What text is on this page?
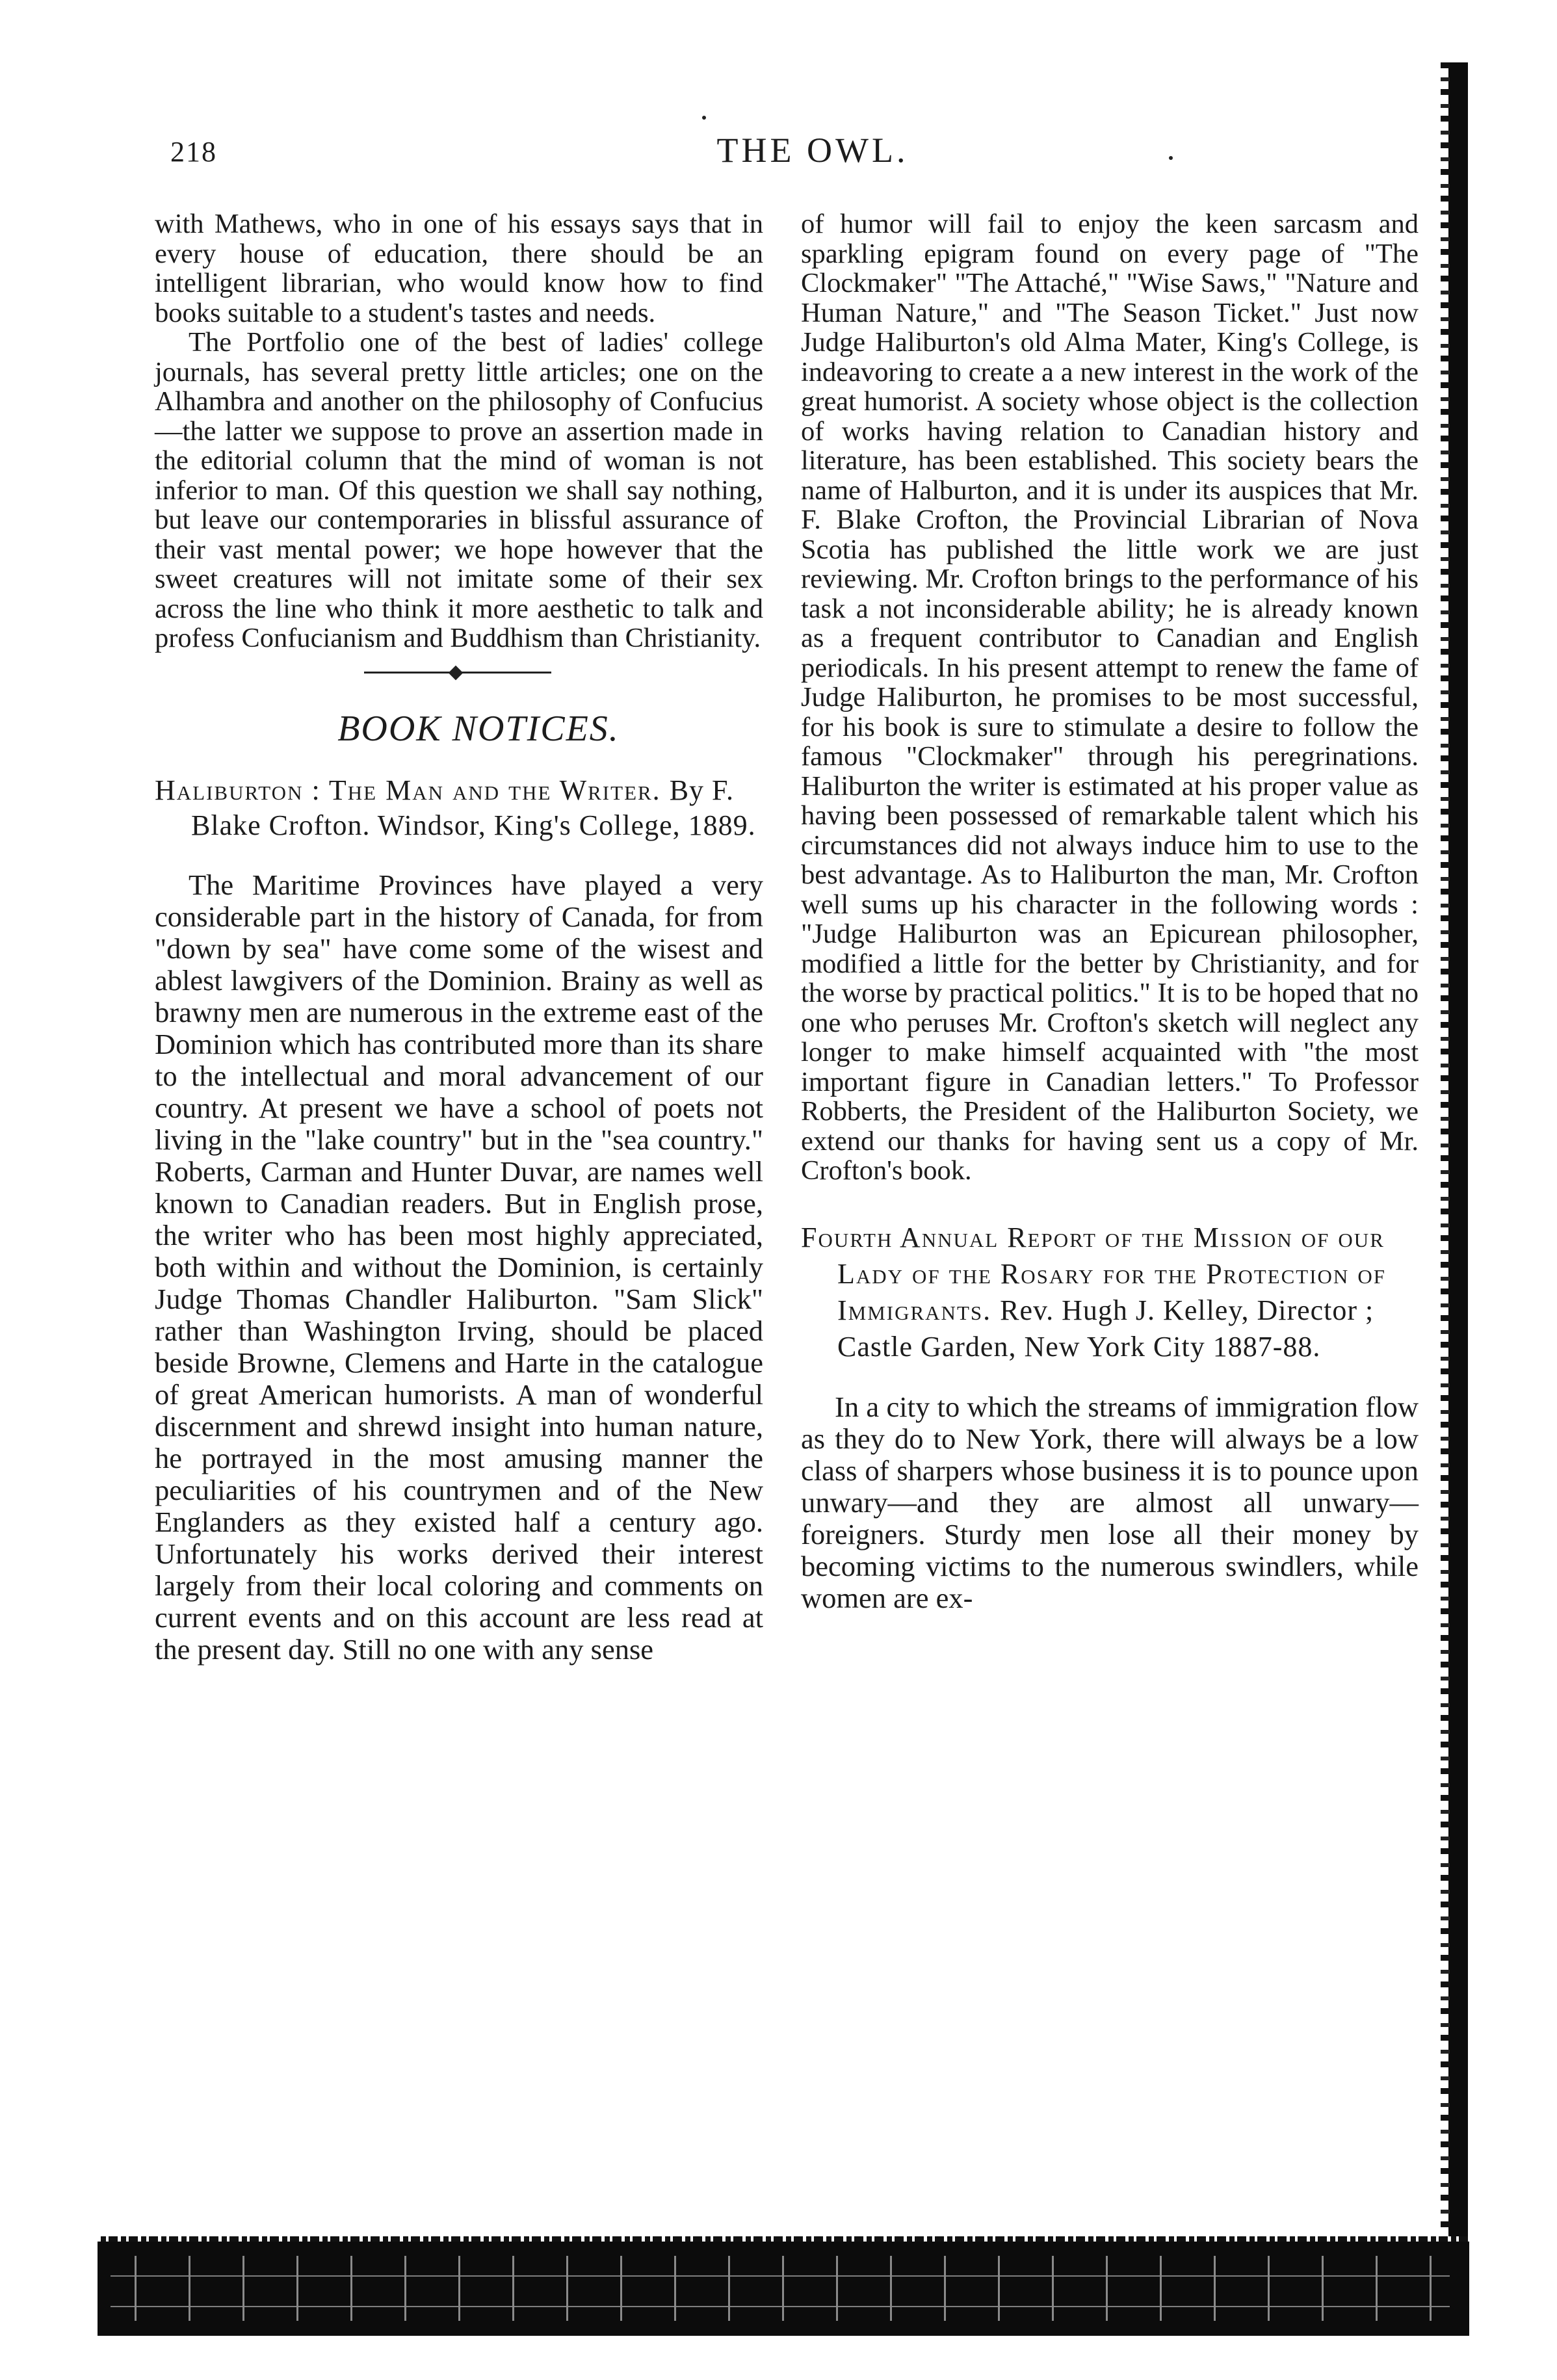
218	THE OWL.

with Mathews, who in one of his essays says that in every house of education, there should be an intelligent librarian, who would know how to find books suitable to a student's tastes and needs.

The Portfolio one of the best of ladies' college journals, has several pretty little articles; one on the Alhambra and another on the philosophy of Confucius—the latter we suppose to prove an assertion made in the editorial column that the mind of woman is not inferior to man. Of this question we shall say nothing, but leave our contemporaries in blissful assurance of their vast mental power; we hope however that the sweet creatures will not imitate some of their sex across the line who think it more aesthetic to talk and profess Confucianism and Buddhism than Christianity.

BOOK NOTICES.
Haliburton : The Man and the Writer. By F. Blake Crofton. Windsor, King's College, 1889.

The Maritime Provinces have played a very considerable part in the history of Canada, for from "down by sea" have come some of the wisest and ablest lawgivers of the Dominion. Brainy as well as brawny men are numerous in the extreme east of the Dominion which has contributed more than its share to the intellectual and moral advancement of our country. At present we have a school of poets not living in the "lake country" but in the "sea country." Roberts, Carman and Hunter Duvar, are names well known to Canadian readers. But in English prose, the writer who has been most highly appreciated, both within and without the Dominion, is certainly Judge Thomas Chandler Haliburton. "Sam Slick" rather than Washington Irving, should be placed beside Browne, Clemens and Harte in the catalogue of great American humorists. A man of wonderful discernment and shrewd insight into human nature, he portrayed in the most amusing manner the peculiarities of his countrymen and of the New Englanders as they existed half a century ago. Unfortunately his works derived their interest largely from their local coloring and comments on current events and on this account are less read at the present day. Still no one with any sense

of humor will fail to enjoy the keen sarcasm and sparkling epigram found on every page of "The Clockmaker" "The Attaché," "Wise Saws," "Nature and Human Nature," and "The Season Ticket." Just now Judge Haliburton's old Alma Mater, King's College, is indeavoring to create a a new interest in the work of the great humorist. A society whose object is the collection of works having relation to Canadian history and literature, has been established. This society bears the name of Halburton, and it is under its auspices that Mr. F. Blake Crofton, the Provincial Librarian of Nova Scotia has published the little work we are just reviewing. Mr. Crofton brings to the performance of his task a not inconsiderable ability; he is already known as a frequent contributor to Canadian and English periodicals. In his present attempt to renew the fame of Judge Haliburton, he promises to be most successful, for his book is sure to stimulate a desire to follow the famous "Clockmaker" through his peregrinations. Haliburton the writer is estimated at his proper value as having been possessed of remarkable talent which his circumstances did not always induce him to use to the best advantage. As to Haliburton the man, Mr. Crofton well sums up his character in the following words : "Judge Haliburton was an Epicurean philosopher, modified a little for the better by Christianity, and for the worse by practical politics." It is to be hoped that no one who peruses Mr. Crofton's sketch will neglect any longer to make himself acquainted with "the most important figure in Canadian letters." To Professor Robberts, the President of the Haliburton Society, we extend our thanks for having sent us a copy of Mr. Crofton's book.

Fourth Annual Report of the Mission of our Lady of the Rosary for the Protection of Immigrants. Rev. Hugh J. Kelley, Director ; Castle Garden, New York City 1887-88.

In a city to which the streams of immigration flow as they do to New York, there will always be a low class of sharpers whose business it is to pounce upon unwary—and they are almost all unwary—foreigners. Sturdy men lose all their money by becoming victims to the numerous swindlers, while women are ex-
